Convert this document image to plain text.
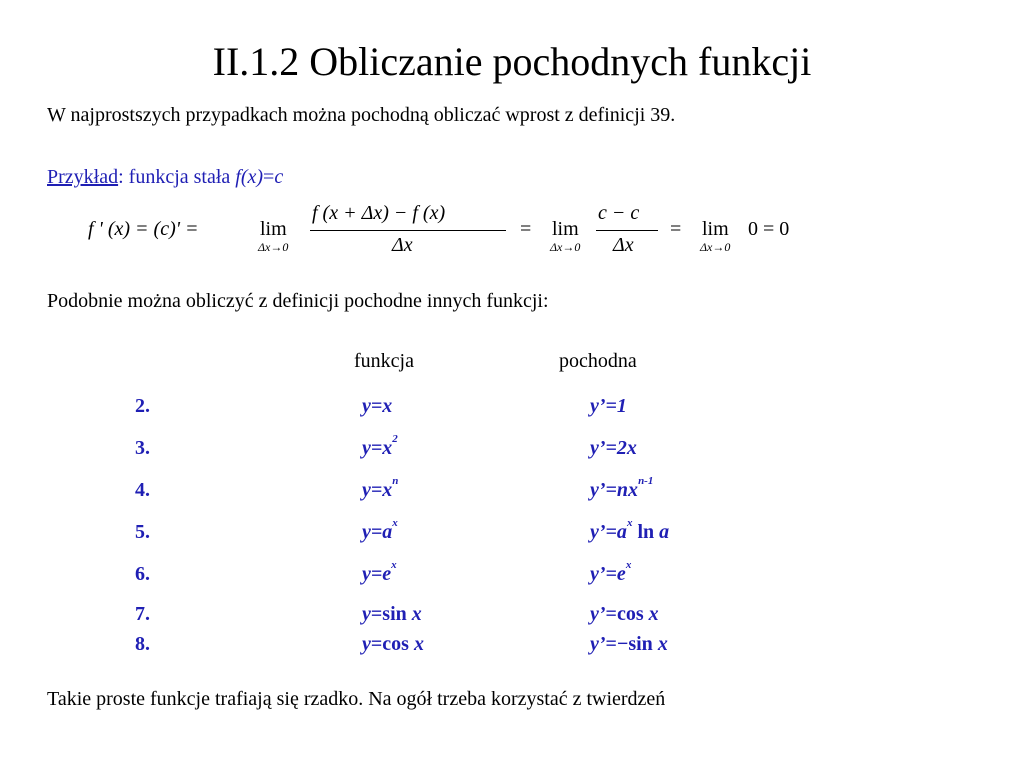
II.1.2 Obliczanie pochodnych funkcji
W najprostszych przypadkach można pochodną obliczać wprost z definicji 39.
Przykład: funkcja stała f(x)=c
f ' (x) = (c)' =	lim
Δx→0
f (x + Δx) − f (x)
Δx
= lim
Δx→0
c − c
Δx
= lim
Δx→0
0 = 0
Podobnie można obliczyć z definicji pochodne innych funkcji:
funkcja	pochodna
2.	y=x	y’=1
3.	$y=x^2$	y’=2x
4.	$y=x^n$	$y’=nx^{n-1}$
5.	$y=a^x$	$y’=a^x$ ln a
6.	$y=e^x$	$y’=e^x$
7.	y=sin x	y’=cos x
8.	y=cos x	y’=−sin x
Takie proste funkcje trafiają się rzadko. Na ogół trzeba korzystać z twierdzeń
